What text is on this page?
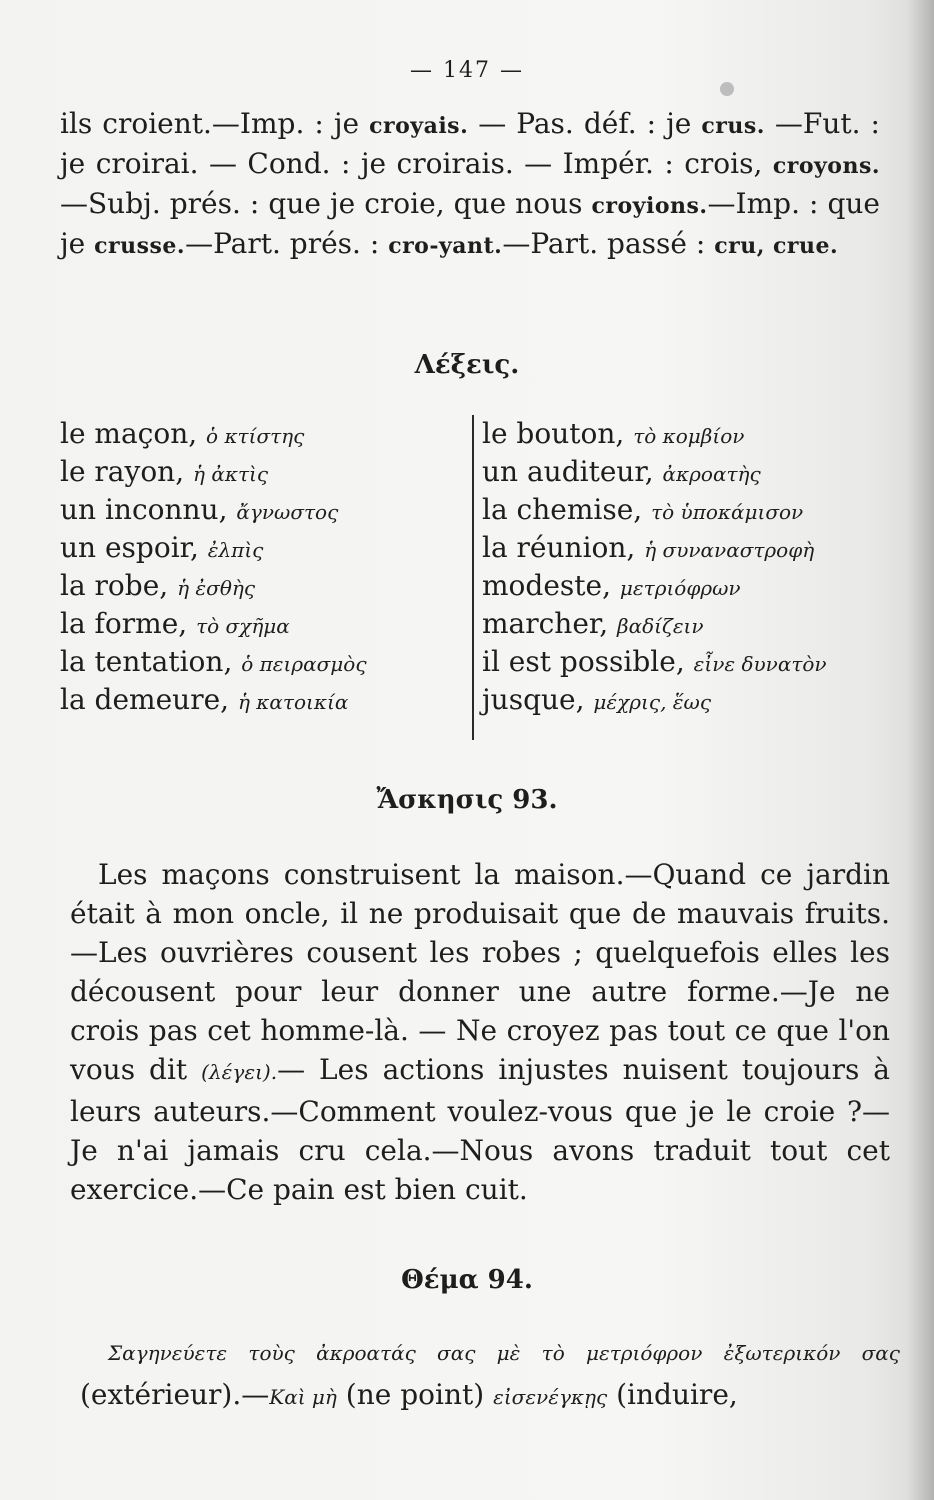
— 147 —

ils croient.—Imp. : je croyais. — Pas. déf. : je crus. —Fut. : je croirai. — Cond. : je croirais. — Impér. : crois, croyons.—Subj. prés. : que je croie, que nous croyions.—Imp. : que je crusse.—Part. prés. : cro-yant.—Part. passé : cru, crue.

Λέξεις.
le maçon, ὁ κτίστης
le rayon, ἡ ἀκτὶς
un inconnu, ἄγνωστος
un espoir, ἐλπὶς
la robe, ἡ ἐσθὴς
la forme, τὸ σχῆμα
la tentation, ὁ πειρασμὸς
la demeure, ἡ κατοικία
le bouton, τὸ κομβίον
un auditeur, ἀκροατὴς
la chemise, τὸ ὑποκάμισον
la réunion, ἡ συναναστροφὴ
modeste, μετριόφρων
marcher, βαδίζειν
il est possible, εἶνε δυνατὸν
jusque, μέχρις, ἕως
Ἄσκησις 93.

Les maçons construisent la maison.—Quand ce jardin était à mon oncle, il ne produisait que de mauvais fruits.—Les ouvrières cousent les robes ; quelquefois elles les décousent pour leur donner une autre forme.—Je ne crois pas cet homme-là. — Ne croyez pas tout ce que l'on vous dit (λέγει).— Les actions injustes nuisent toujours à leurs auteurs.—Comment voulez-vous que je le croie ?—Je n'ai jamais cru cela.—Nous avons traduit tout cet exercice.—Ce pain est bien cuit.

Θέμα 94.

Σαγηνεύετε τοὺς ἀκροατάς σας μὲ τὸ μετριόφρον ἐξωτερικόν σας (extérieur).—Καὶ μὴ (ne point) εἰσενέγκῃς (induire,
